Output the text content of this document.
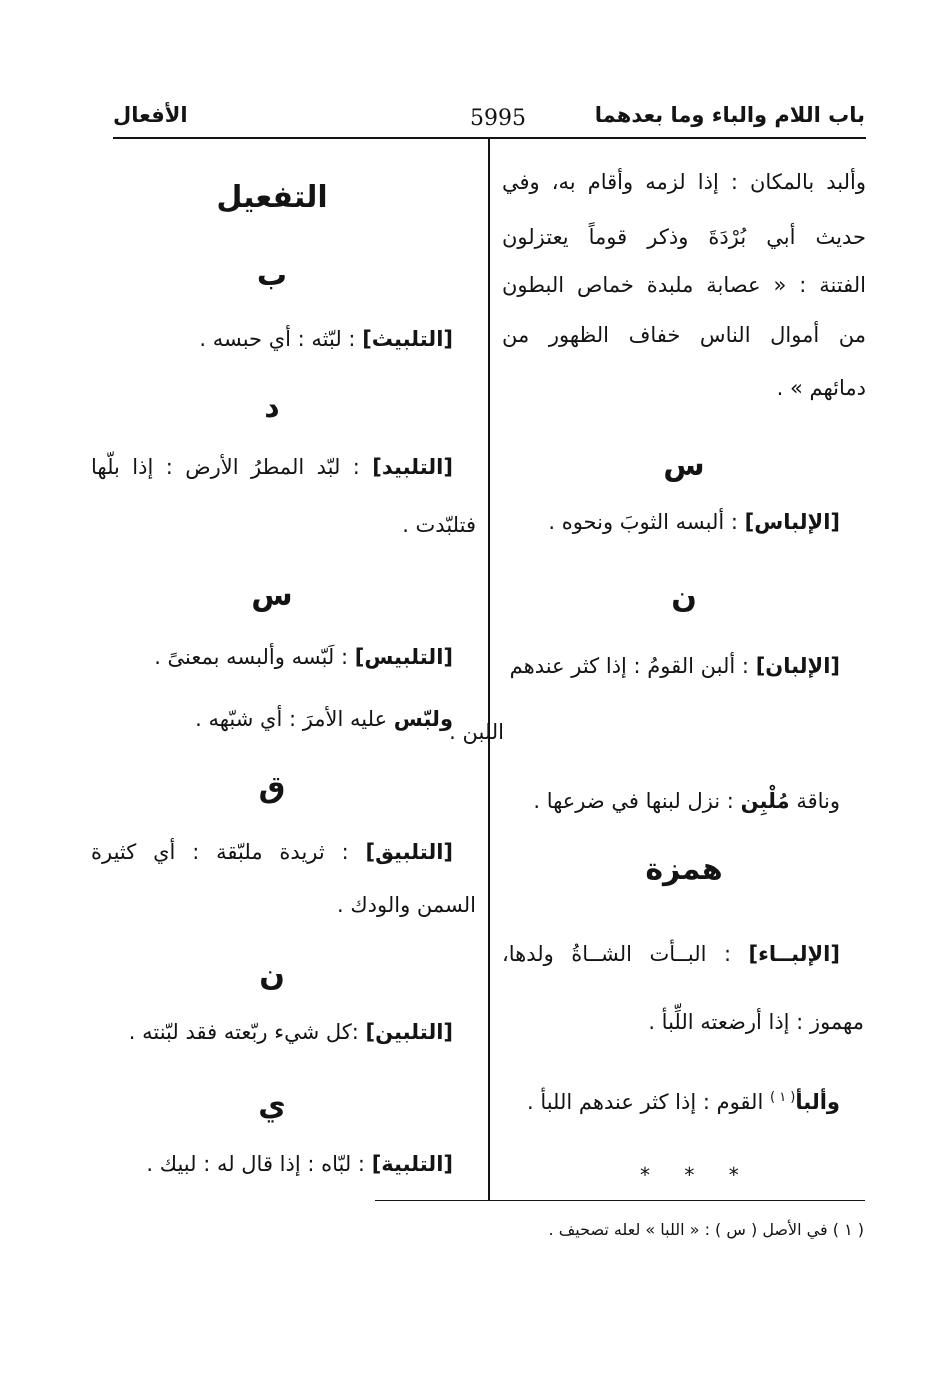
باب اللام والباء وما بعدهما
5995
الأفعال
وألبد بالمكان : إذا لزمه وأقام به، وفي
حديث أبي بُرْدَةَ وذكر قوماً يعتزلون
الفتنة : « عصابة ملبدة خماص البطون
من أموال الناس خفاف الظهور من
دمائهم » .
س
[الإلباس] : ألبسه الثوبَ ونحوه .
ن
[الإلبان] : ألبن القومُ : إذا كثر عندهم
اللبن .
وناقة مُلْبِن : نزل لبنها في ضرعها .
همزة
[الإلبــاء] : البــأت الشــاةُ ولدها،
مهموز : إذا أرضعته اللِّبأ .
وألبأ$^{( ١ )}$ القوم : إذا كثر عندهم اللبأ .
* * *
التفعيل
ب
[التلبيث] : لبّثه : أي حبسه .
د
[التلبيد] : لبّد المطرُ الأرض : إذا بلّها
فتلبّدت .
س
[التلبيس] : لَبّسه وألبسه بمعنىً .
ولبّس عليه الأمرَ : أي شبّهه .
ق
[التلبيق] : ثريدة ملبّقة : أي كثيرة
السمن والودك .
ن
[التلبين] :كل شيء ربّعته فقد لبّنته .
ي
[التلبية] : لبّاه : إذا قال له : لبيك .
( ١ ) في الأصل ( س ) : « اللبا » لعله تصحيف .
